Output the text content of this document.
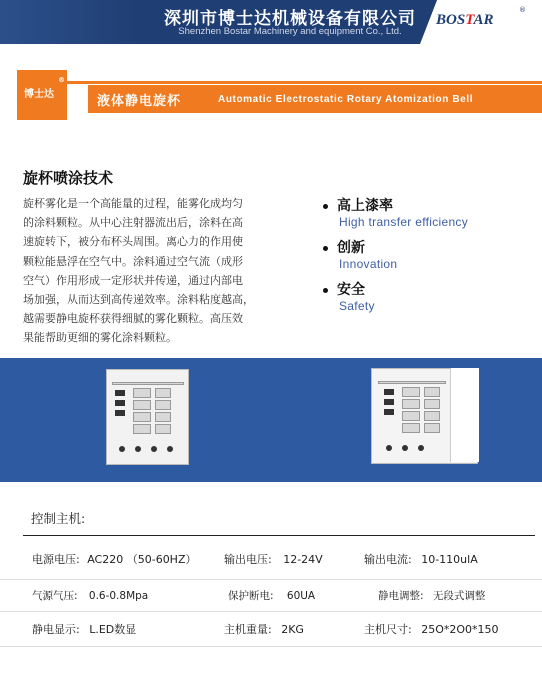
深圳市博士达机械设备有限公司
Shenzhen Bostar Machinery and equipment Co., Ltd.
BOSTAR
®
博士达
®
液体静电旋杯	Automatic Electrostatic Rotary Atomization Bell
旋杯喷涂技术
旋杯雾化是一个高能量的过程，能雾化成均匀
的涂料颗粒。从中心注射器流出后，涂料在高
速旋转下，被分布杯头周围。离心力的作用使
颗粒能悬浮在空气中。涂料通过空气流（成形
空气）作用形成一定形状并传递，通过内部电
场加强，从而达到高传递效率。涂料粘度越高，
越需要静电旋杯获得细腻的雾化颗粒。高压效
果能帮助更细的雾化涂料颗粒。
高上漆率
High transfer efficiency
创新
Innovation
安全
Safety
控制主机:
电源电压: AC220 （50-60HZ）	输出电压: 12-24V	输出电流: 10-110ulA
气源气压: 0.6-0.8Mpa	保护断电: 60UA	静电调整: 无段式调整
静电显示: L.ED数显	主机重量: 2KG	主机尺寸: 25O*2O0*150
